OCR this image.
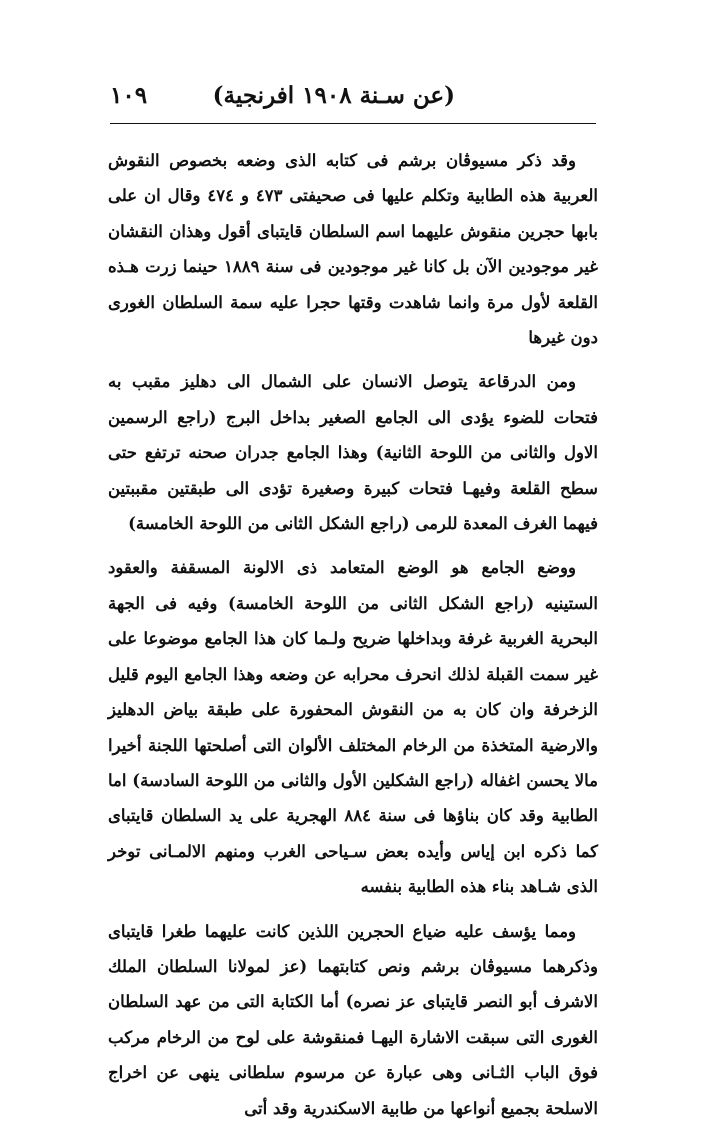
(عن سـنة ١٩٠٨ افرنجية)
١٠٩

وقد ذكر مسيوڤان برشم فى كتابه الذى وضعه بخصوص النقوش العربية هذه الطابية وتكلم عليها فى صحيفتى ٤٧٣ و ٤٧٤ وقال ان على بابها حجرين منقوش عليهما اسم السلطان قايتباى أقول وهذان النقشان غير موجودين الآن بل كانا غير موجودين فى سنة ١٨٨٩ حينما زرت هـذه القلعة لأول مرة وانما شاهدت وقتها حجرا عليه سمة السلطان الغورى دون غيرها

ومن الدرقاعة يتوصل الانسان على الشمال الى دهليز مقبب به فتحات للضوء يؤدى الى الجامع الصغير بداخل البرج (راجع الرسمين الاول والثانى من اللوحة الثانية) وهذا الجامع جدران صحنه ترتفع حتى سطح القلعة وفيهـا فتحات كبيرة وصغيرة تؤدى الى طبقتين مقببتين فيهما الغرف المعدة للرمى (راجع الشكل الثانى من اللوحة الخامسة)

ووضع الجامع هو الوضع المتعامد ذى الالونة المسقفة والعقود الستينيه (راجع الشكل الثانى من اللوحة الخامسة) وفيه فى الجهة البحرية الغربية غرفة وبداخلها ضريح ولـما كان هذا الجامع موضوعا على غير سمت القبلة لذلك انحرف محرابه عن وضعه وهذا الجامع اليوم قليل الزخرفة وان كان به من النقوش المحفورة على طبقة بياض الدهليز والارضية المتخذة من الرخام المختلف الألوان التى أصلحتها اللجنة أخيرا مالا يحسن اغفاله (راجع الشكلين الأول والثانى من اللوحة السادسة) اما الطابية وقد كان بناؤها فى سنة ٨٨٤ الهجرية على يد السلطان قايتباى كما ذكره ابن إياس وأيده بعض سـياحى الغرب ومنهم الالمـانى توخر الذى شـاهد بناء هذه الطابية بنفسه

ومما يؤسف عليه ضياع الحجرين اللذين كانت عليهما طغرا قايتباى وذكرهما مسيوڤان برشم ونص كتابتهما (عز لمولانا السلطان الملك الاشرف أبو النصر قايتباى عز نصره) أما الكتابة التى من عهد السلطان الغورى التى سبقت الاشارة اليهـا فمنقوشة على لوح من الرخام مركب فوق الباب الثـانى وهى عبارة عن مرسوم سلطانى ينهى عن اخراج الاسلحة بجميع أنواعها من طابية الاسكندرية وقد أتى
